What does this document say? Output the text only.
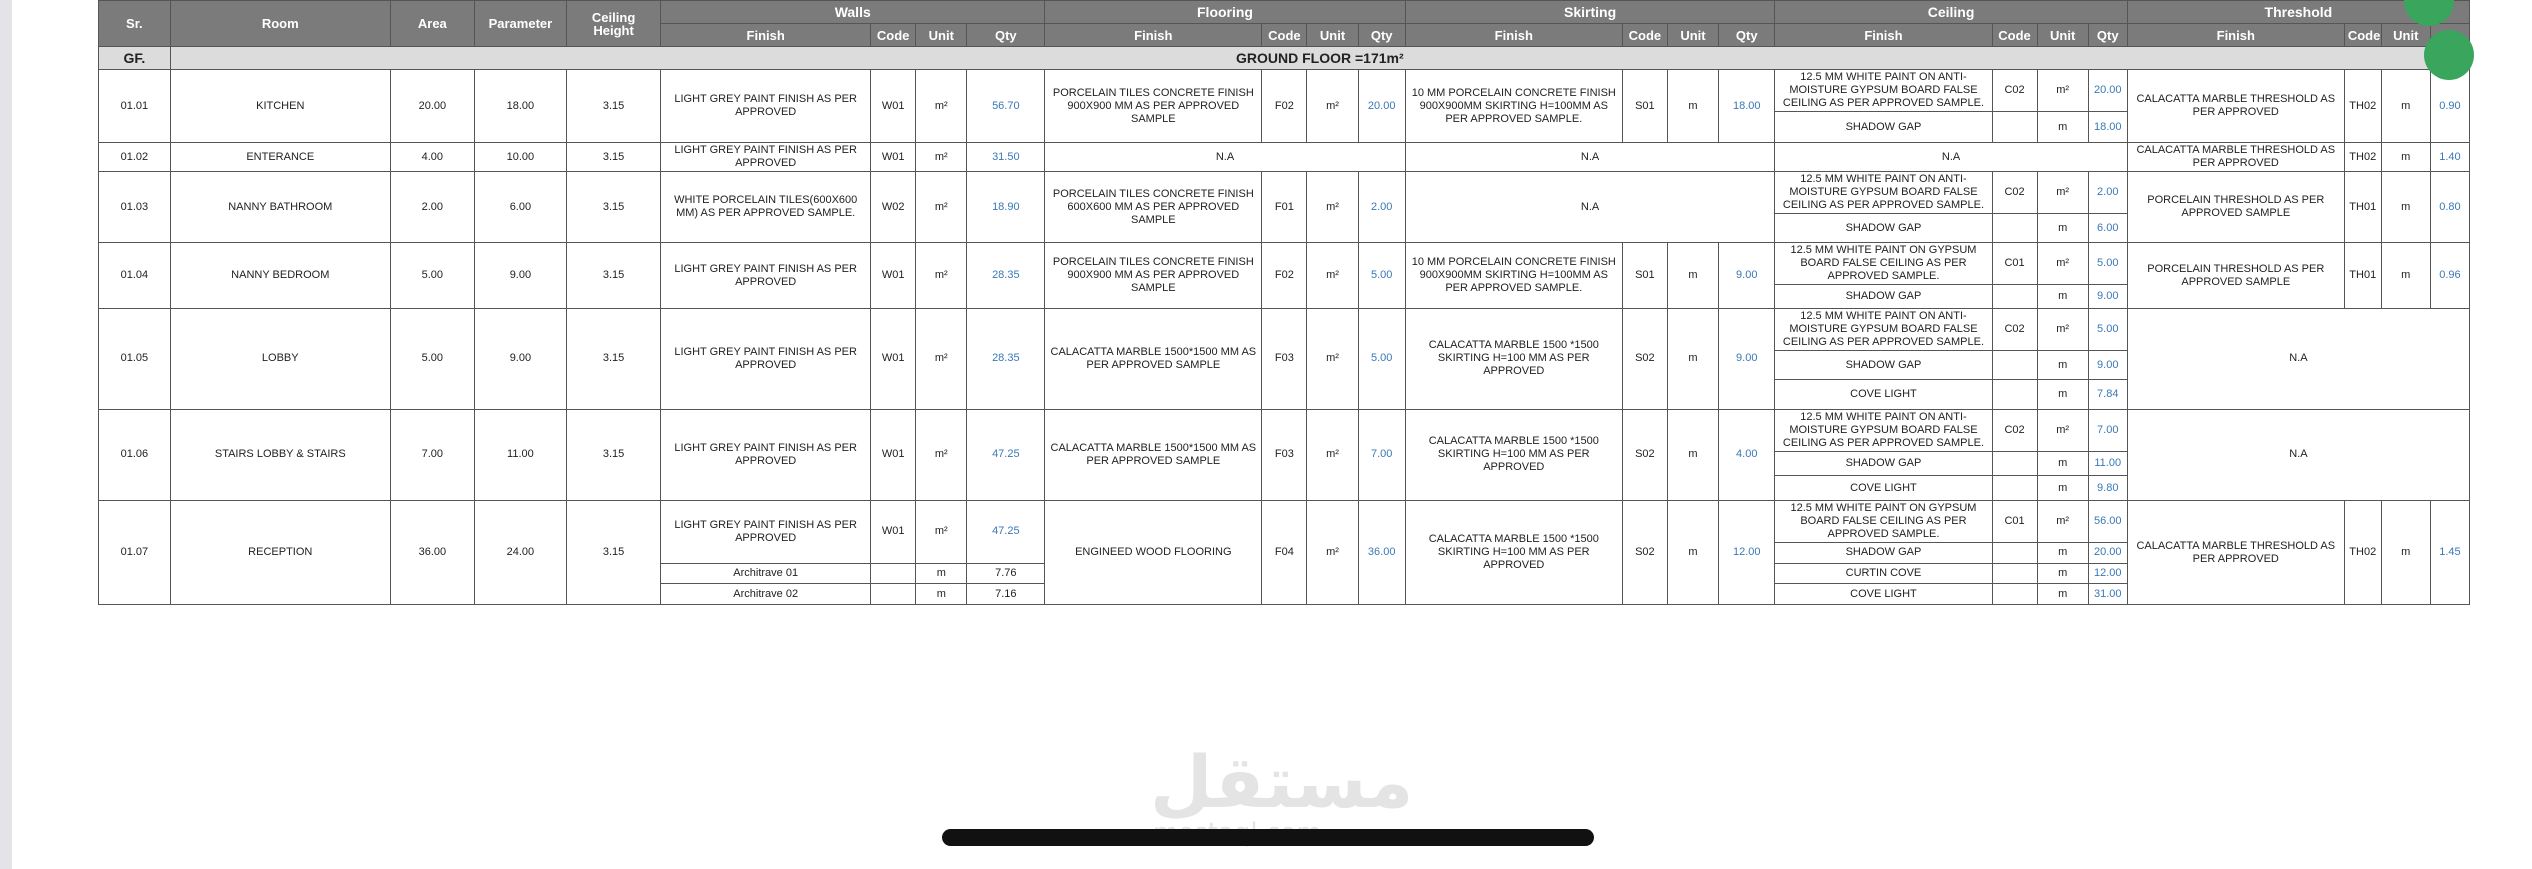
Sr.	Room	Area	Parameter	Ceiling Height	Walls				Flooring				Skirting				Ceiling				Threshold			
					Finish	Code	Unit	Qty	Finish	Code	Unit	Qty	Finish	Code	Unit	Qty	Finish	Code	Unit	Qty	Finish	Code	Unit	
GF.	GROUND FLOOR =171m²																							
01.01	KITCHEN	20.00	18.00	3.15	LIGHT GREY PAINT FINISH AS PER APPROVED	W01	m²	56.70	PORCELAIN TILES CONCRETE FINISH 900X900 MM AS PER APPROVED SAMPLE	F02	m²	20.00	10 MM PORCELAIN CONCRETE FINISH 900X900MM SKIRTING H=100MM AS PER APPROVED SAMPLE.	S01	m	18.00	12.5 MM WHITE PAINT ON ANTI- MOISTURE GYPSUM BOARD FALSE CEILING AS PER APPROVED SAMPLE.	C02	m²	20.00	CALACATTA MARBLE THRESHOLD AS PER APPROVED	TH02	m	0.90
																	SHADOW GAP		m	18.00				
01.02	ENTERANCE	4.00	10.00	3.15	LIGHT GREY PAINT FINISH AS PER APPROVED	W01	m²	31.50	N.A				N.A				N.A				CALACATTA MARBLE THRESHOLD AS PER APPROVED	TH02	m	1.40
01.03	NANNY BATHROOM	2.00	6.00	3.15	WHITE PORCELAIN TILES(600X600 MM) AS PER APPROVED SAMPLE.	W02	m²	18.90	PORCELAIN TILES CONCRETE FINISH 600X600 MM AS PER APPROVED SAMPLE	F01	m²	2.00	N.A				12.5 MM WHITE PAINT ON ANTI- MOISTURE GYPSUM BOARD FALSE CEILING AS PER APPROVED SAMPLE.	C02	m²	2.00	PORCELAIN THRESHOLD AS PER APPROVED SAMPLE	TH01	m	0.80
																	SHADOW GAP		m	6.00				
01.04	NANNY BEDROOM	5.00	9.00	3.15	LIGHT GREY PAINT FINISH AS PER APPROVED	W01	m²	28.35	PORCELAIN TILES CONCRETE FINISH 900X900 MM AS PER APPROVED SAMPLE	F02	m²	5.00	10 MM PORCELAIN CONCRETE FINISH 900X900MM SKIRTING H=100MM AS PER APPROVED SAMPLE.	S01	m	9.00	12.5 MM WHITE PAINT ON GYPSUM BOARD FALSE CEILING AS PER APPROVED SAMPLE.	C01	m²	5.00	PORCELAIN THRESHOLD AS PER APPROVED SAMPLE	TH01	m	0.96
																	SHADOW GAP		m	9.00				
01.05	LOBBY	5.00	9.00	3.15	LIGHT GREY PAINT FINISH AS PER APPROVED	W01	m²	28.35	CALACATTA MARBLE 1500*1500 MM AS PER APPROVED SAMPLE	F03	m²	5.00	CALACATTA MARBLE 1500 *1500 SKIRTING H=100 MM AS PER APPROVED	S02	m	9.00	12.5 MM WHITE PAINT ON ANTI- MOISTURE GYPSUM BOARD FALSE CEILING AS PER APPROVED SAMPLE.	C02	m²	5.00	N.A			
																	SHADOW GAP		m	9.00				
																	COVE LIGHT		m	7.84				
01.06	STAIRS LOBBY & STAIRS	7.00	11.00	3.15	LIGHT GREY PAINT FINISH AS PER APPROVED	W01	m²	47.25	CALACATTA MARBLE 1500*1500 MM AS PER APPROVED SAMPLE	F03	m²	7.00	CALACATTA MARBLE 1500 *1500 SKIRTING H=100 MM AS PER APPROVED	S02	m	4.00	12.5 MM WHITE PAINT ON ANTI- MOISTURE GYPSUM BOARD FALSE CEILING AS PER APPROVED SAMPLE.	C02	m²	7.00	N.A			
																	SHADOW GAP		m	11.00				
																	COVE LIGHT		m	9.80				
01.07	RECEPTION	36.00	24.00	3.15	LIGHT GREY PAINT FINISH AS PER APPROVED	W01	m²	47.25	ENGINEED WOOD FLOORING	F04	m²	36.00	CALACATTA MARBLE 1500 *1500 SKIRTING H=100 MM AS PER APPROVED	S02	m	12.00	12.5 MM WHITE PAINT ON GYPSUM BOARD FALSE CEILING AS PER APPROVED SAMPLE.	C01	m²	56.00	CALACATTA MARBLE THRESHOLD AS PER APPROVED	TH02	m	1.45
																	SHADOW GAP		m	20.00				
					Architrave 01		m	7.76									CURTIN COVE		m	12.00				
					Architrave 02		m	7.16									COVE LIGHT		m	31.00				
مستقل
